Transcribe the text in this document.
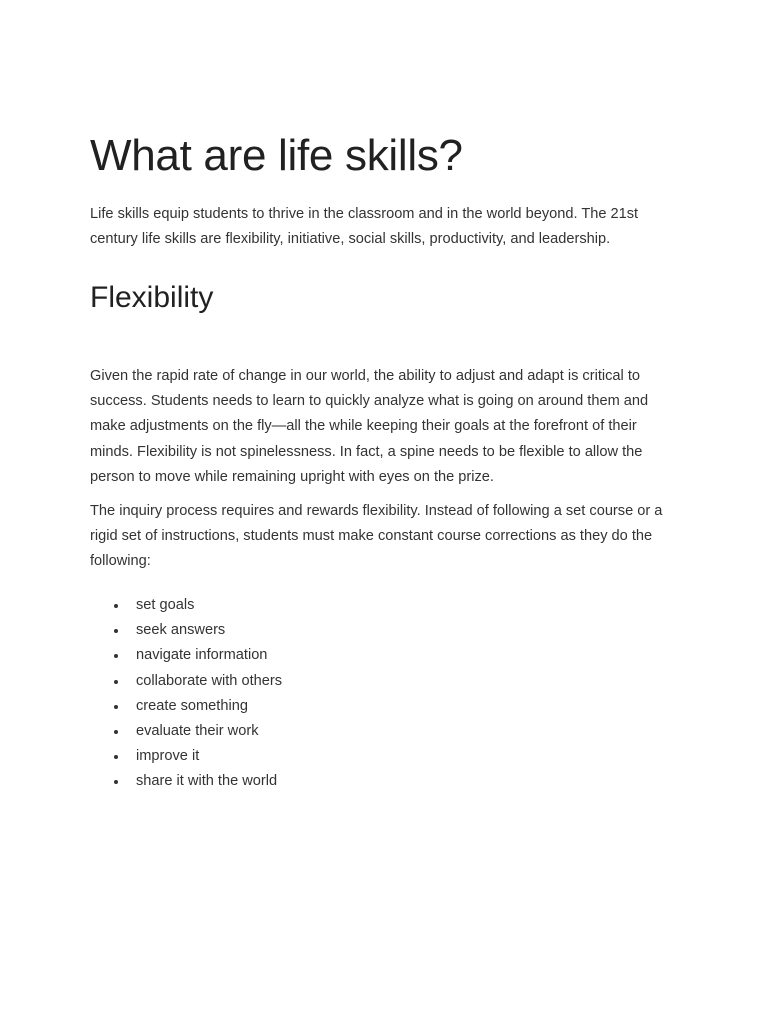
What are life skills?

Life skills equip students to thrive in the classroom and in the world beyond. The 21st century life skills are flexibility, initiative, social skills, productivity, and leadership.

Flexibility

Given the rapid rate of change in our world, the ability to adjust and adapt is critical to success. Students needs to learn to quickly analyze what is going on around them and make adjustments on the fly—all the while keeping their goals at the forefront of their minds. Flexibility is not spinelessness. In fact, a spine needs to be flexible to allow the person to move while remaining upright with eyes on the prize.

The inquiry process requires and rewards flexibility. Instead of following a set course or a rigid set of instructions, students must make constant course corrections as they do the following:

set goals
seek answers
navigate information
collaborate with others
create something
evaluate their work
improve it
share it with the world
